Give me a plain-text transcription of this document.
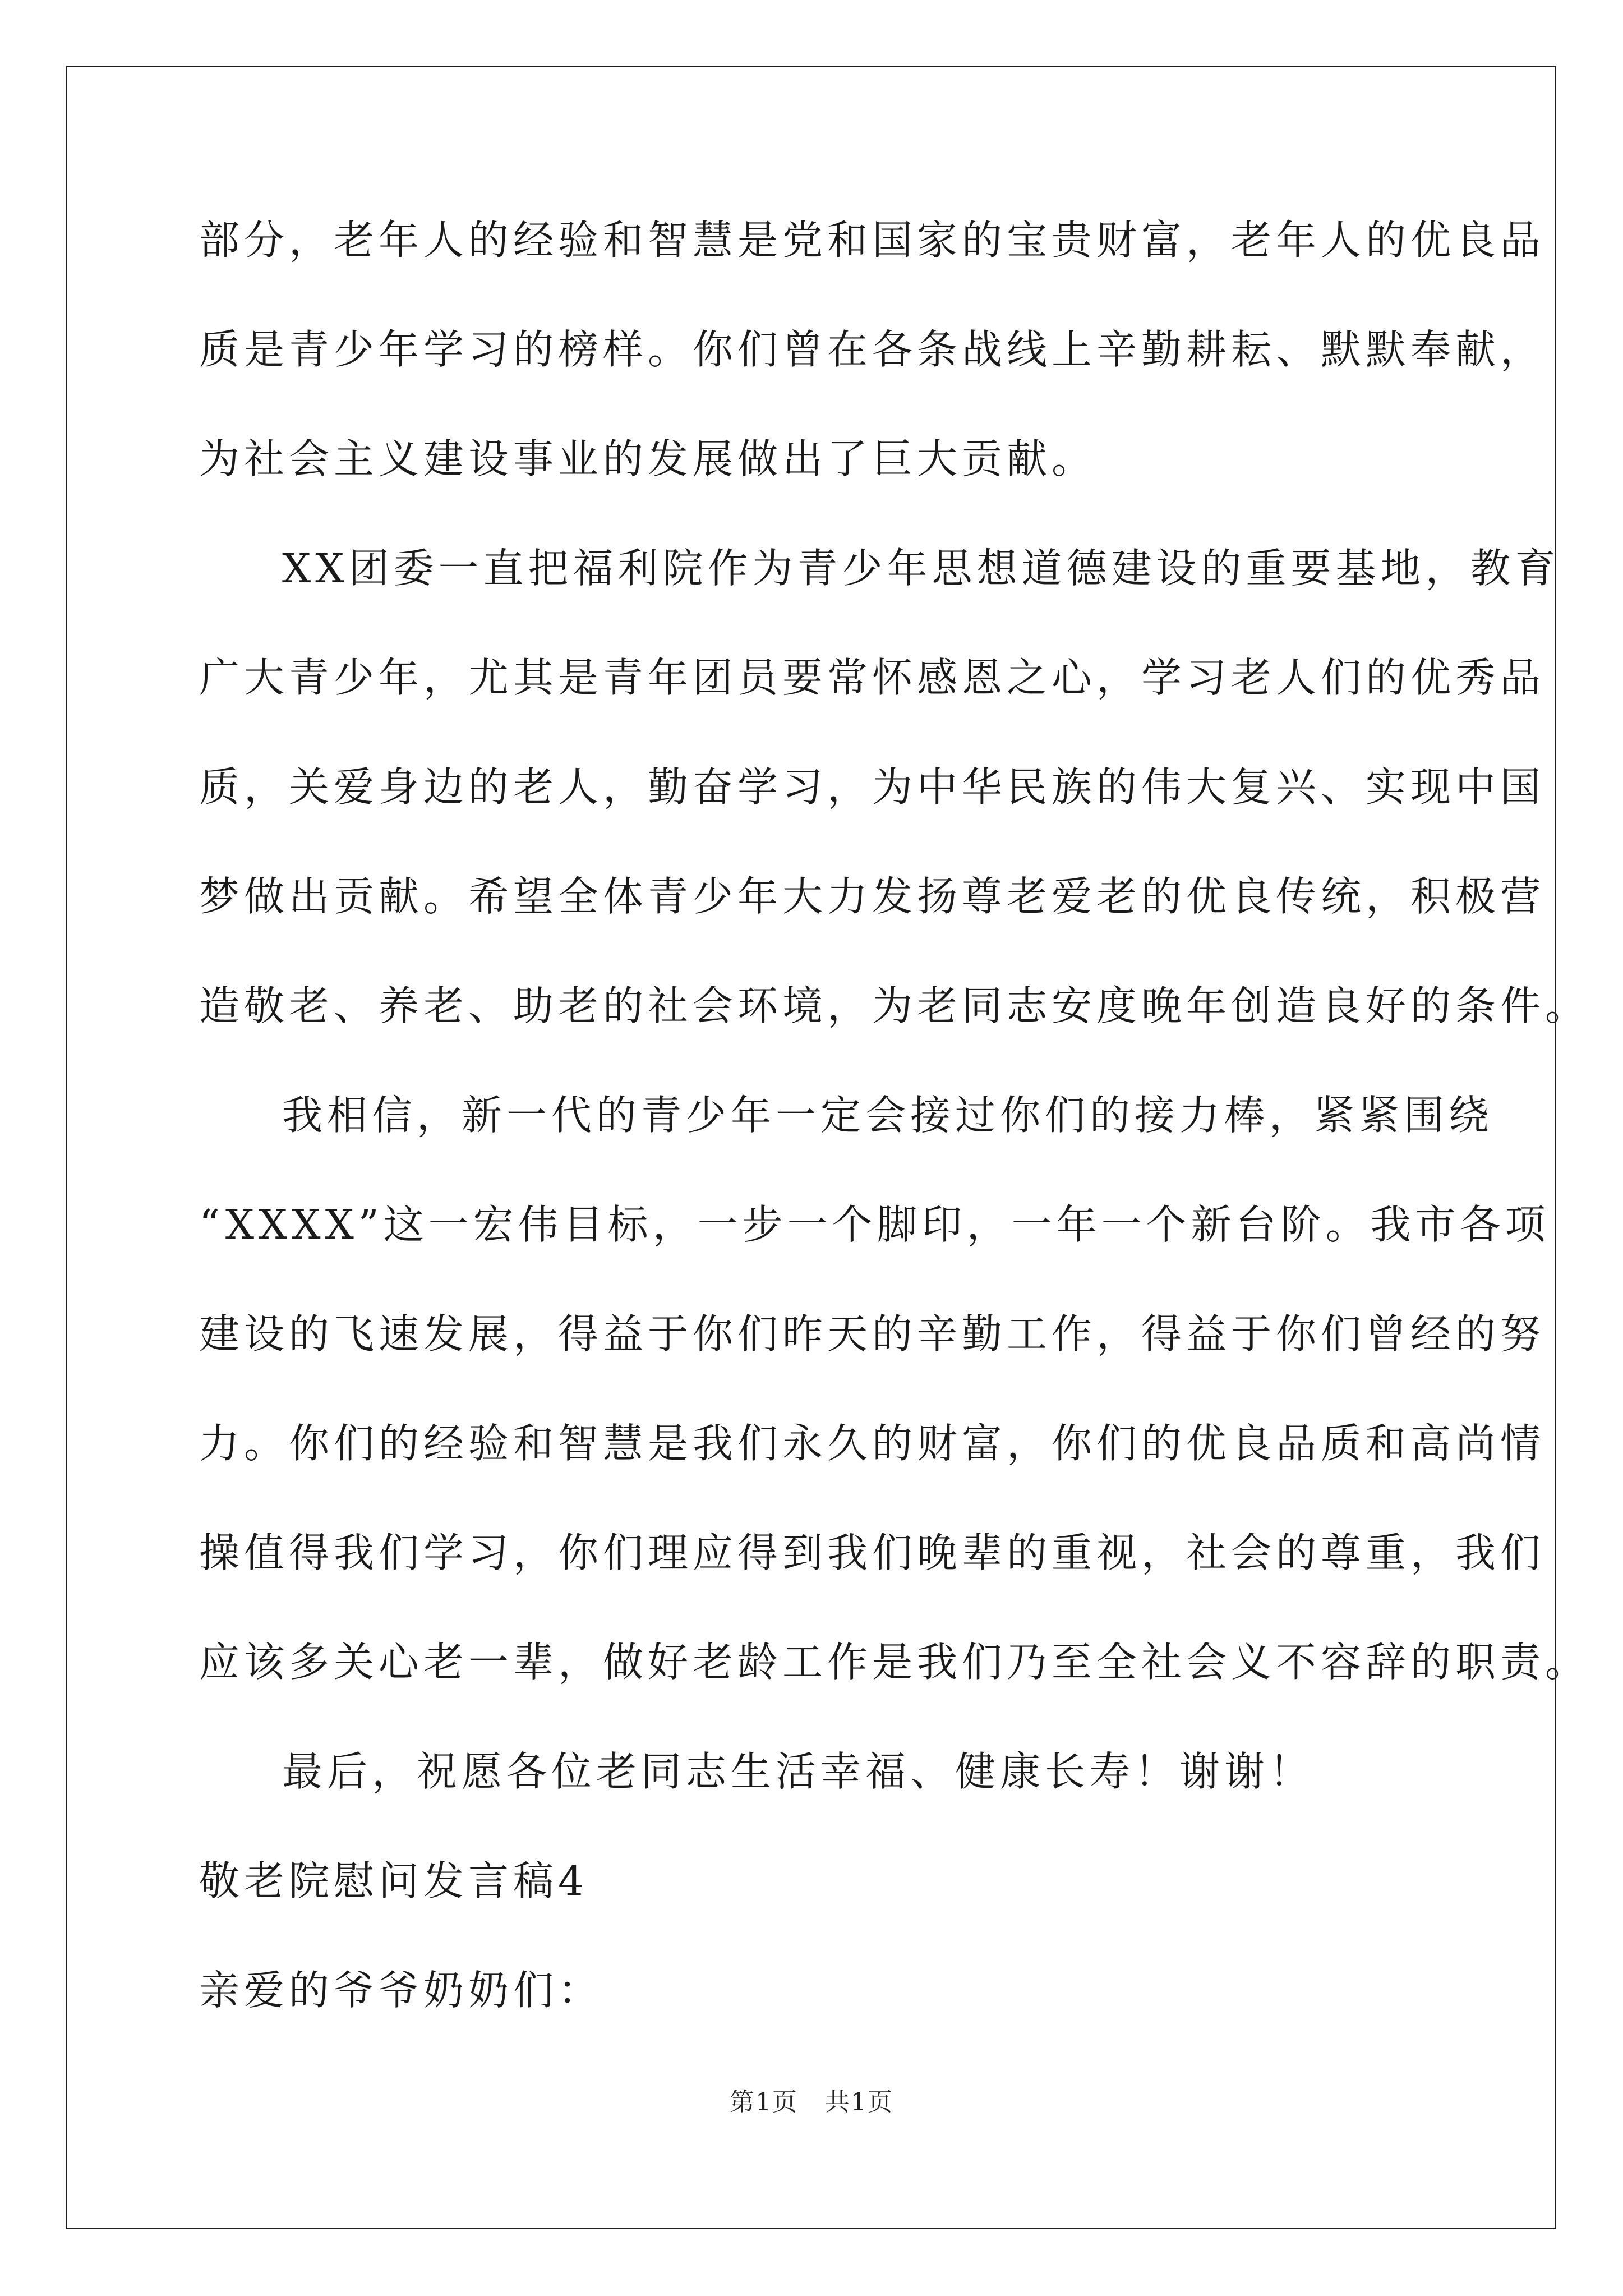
部分，老年人的经验和智慧是党和国家的宝贵财富，老年人的优良品
质是青少年学习的榜样。你们曾在各条战线上辛勤耕耘、默默奉献，
为社会主义建设事业的发展做出了巨大贡献。
XX团委一直把福利院作为青少年思想道德建设的重要基地，教育
广大青少年，尤其是青年团员要常怀感恩之心，学习老人们的优秀品
质，关爱身边的老人，勤奋学习，为中华民族的伟大复兴、实现中国
梦做出贡献。希望全体青少年大力发扬尊老爱老的优良传统，积极营
造敬老、养老、助老的社会环境，为老同志安度晚年创造良好的条件。
我相信，新一代的青少年一定会接过你们的接力棒，紧紧围绕
“XXXX”这一宏伟目标，一步一个脚印，一年一个新台阶。我市各项
建设的飞速发展，得益于你们昨天的辛勤工作，得益于你们曾经的努
力。你们的经验和智慧是我们永久的财富，你们的优良品质和高尚情
操值得我们学习，你们理应得到我们晚辈的重视，社会的尊重，我们
应该多关心老一辈，做好老龄工作是我们乃至全社会义不容辞的职责。
最后，祝愿各位老同志生活幸福、健康长寿！谢谢！
敬老院慰问发言稿4
亲爱的爷爷奶奶们：
第1页 共1页
